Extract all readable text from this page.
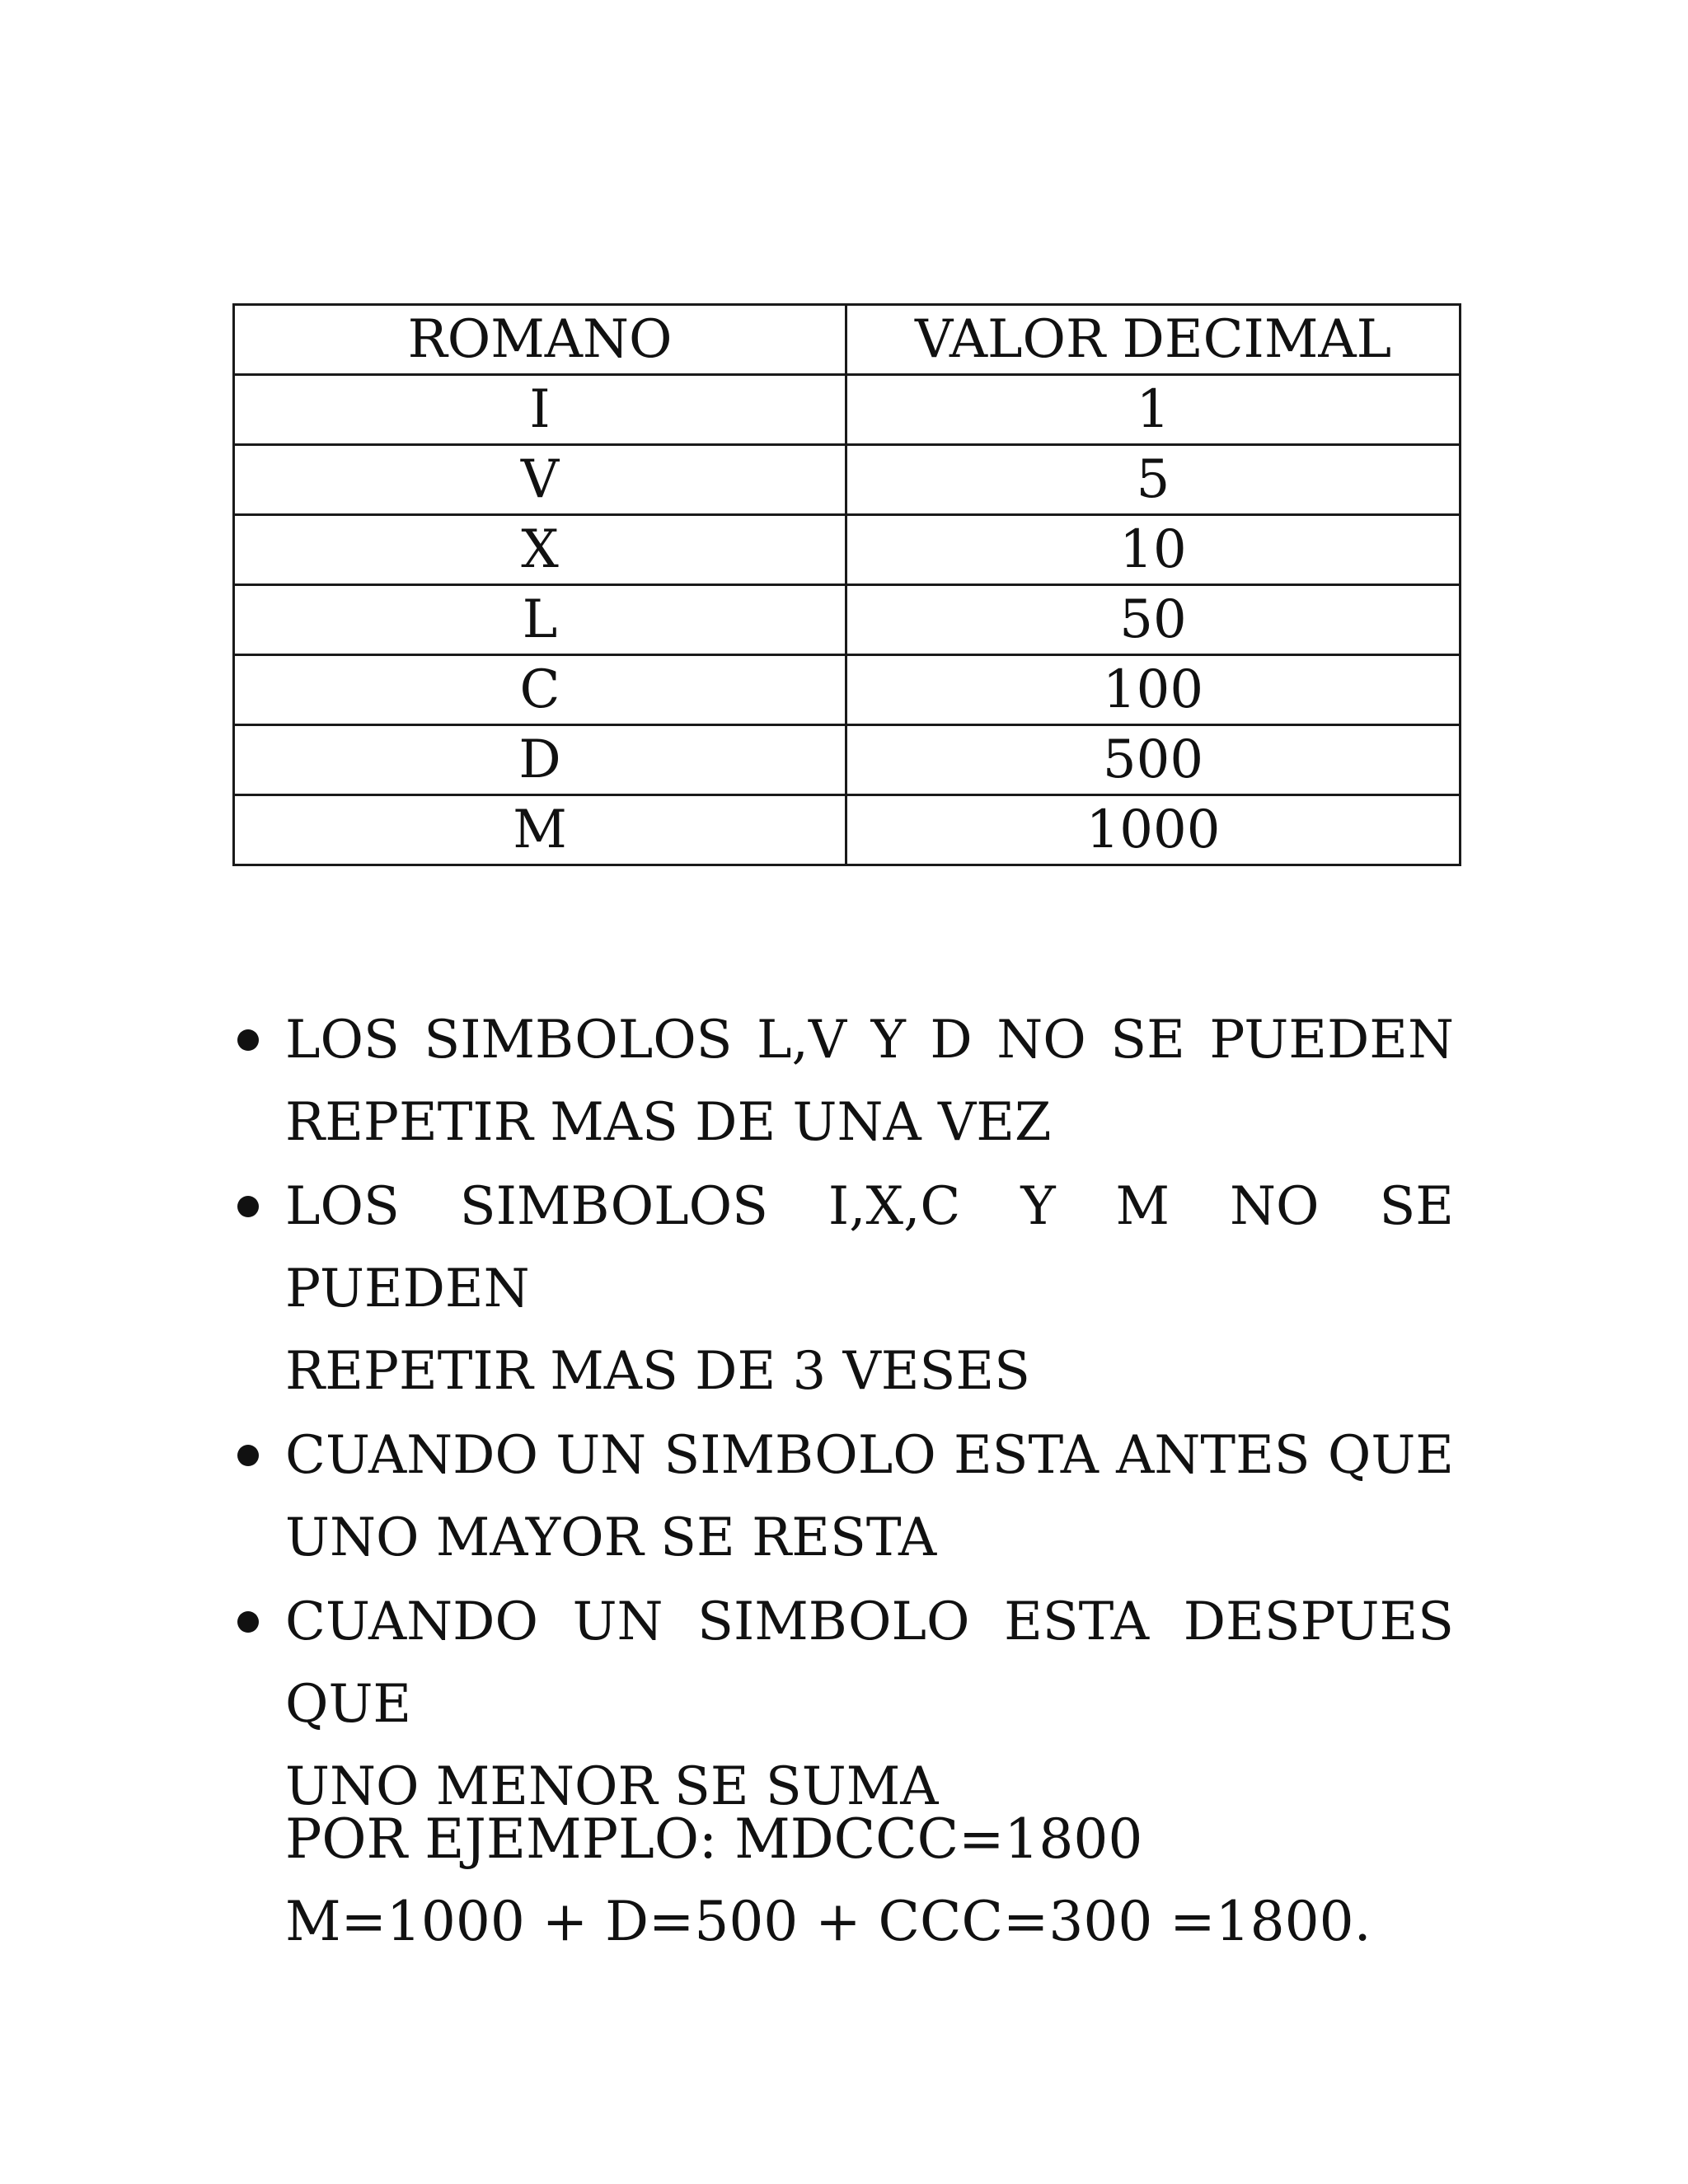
ROMANO	VALOR DECIMAL
I	1
V	5
X	10
L	50
C	100
D	500
M	1000
LOS SIMBOLOS L,V Y D NO SE PUEDEN
REPETIR MAS DE UNA VEZ
LOS SIMBOLOS I,X,C Y M NO SE PUEDEN
REPETIR MAS DE 3 VESES
CUANDO UN SIMBOLO ESTA ANTES QUE
UNO MAYOR SE RESTA
CUANDO UN SIMBOLO ESTA DESPUES QUE
UNO MENOR SE SUMA
POR EJEMPLO: MDCCC=1800
M=1000 + D=500 + CCC=300 =1800.
